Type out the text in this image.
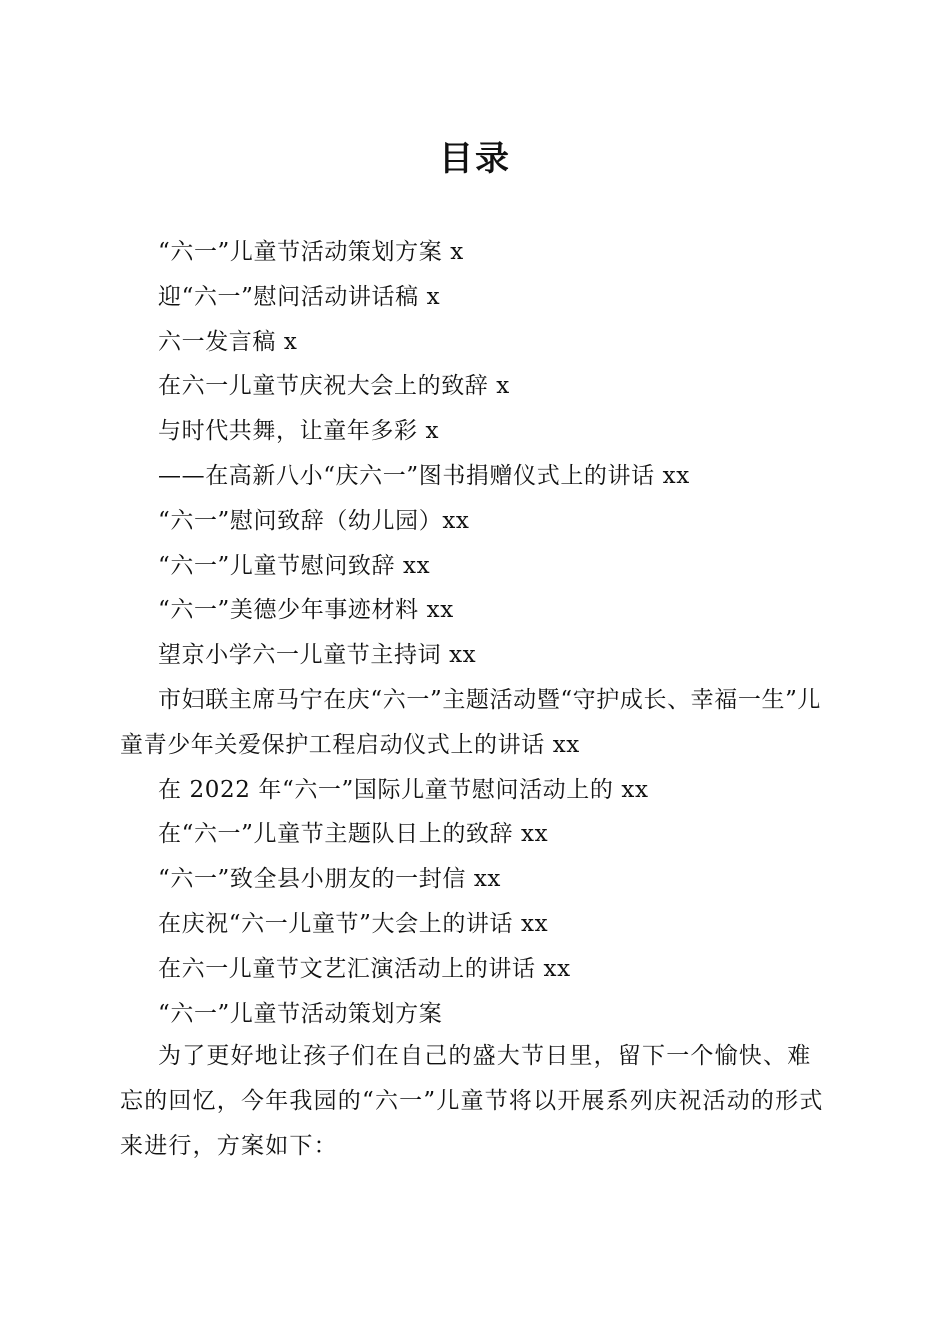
目录
“六一”儿童节活动策划方案 x
迎“六一”慰问活动讲话稿 x
六一发言稿 x
在六一儿童节庆祝大会上的致辞 x
与时代共舞，让童年多彩 x
——在高新八小“庆六一”图书捐赠仪式上的讲话 xx
“六一”慰问致辞（幼儿园）xx
“六一”儿童节慰问致辞 xx
“六一”美德少年事迹材料 xx
望京小学六一儿童节主持词 xx
市妇联主席马宁在庆“六一”主题活动暨“守护成长、幸福一生”儿童青少年关爱保护工程启动仪式上的讲话 xx
在 2022 年“六一”国际儿童节慰问活动上的 xx
在“六一”儿童节主题队日上的致辞 xx
“六一”致全县小朋友的一封信 xx
在庆祝“六一儿童节”大会上的讲话 xx
在六一儿童节文艺汇演活动上的讲话 xx
“六一”儿童节活动策划方案

为了更好地让孩子们在自己的盛大节日里，留下一个愉快、难忘的回忆，今年我园的“六一”儿童节将以开展系列庆祝活动的形式来进行，方案如下：
